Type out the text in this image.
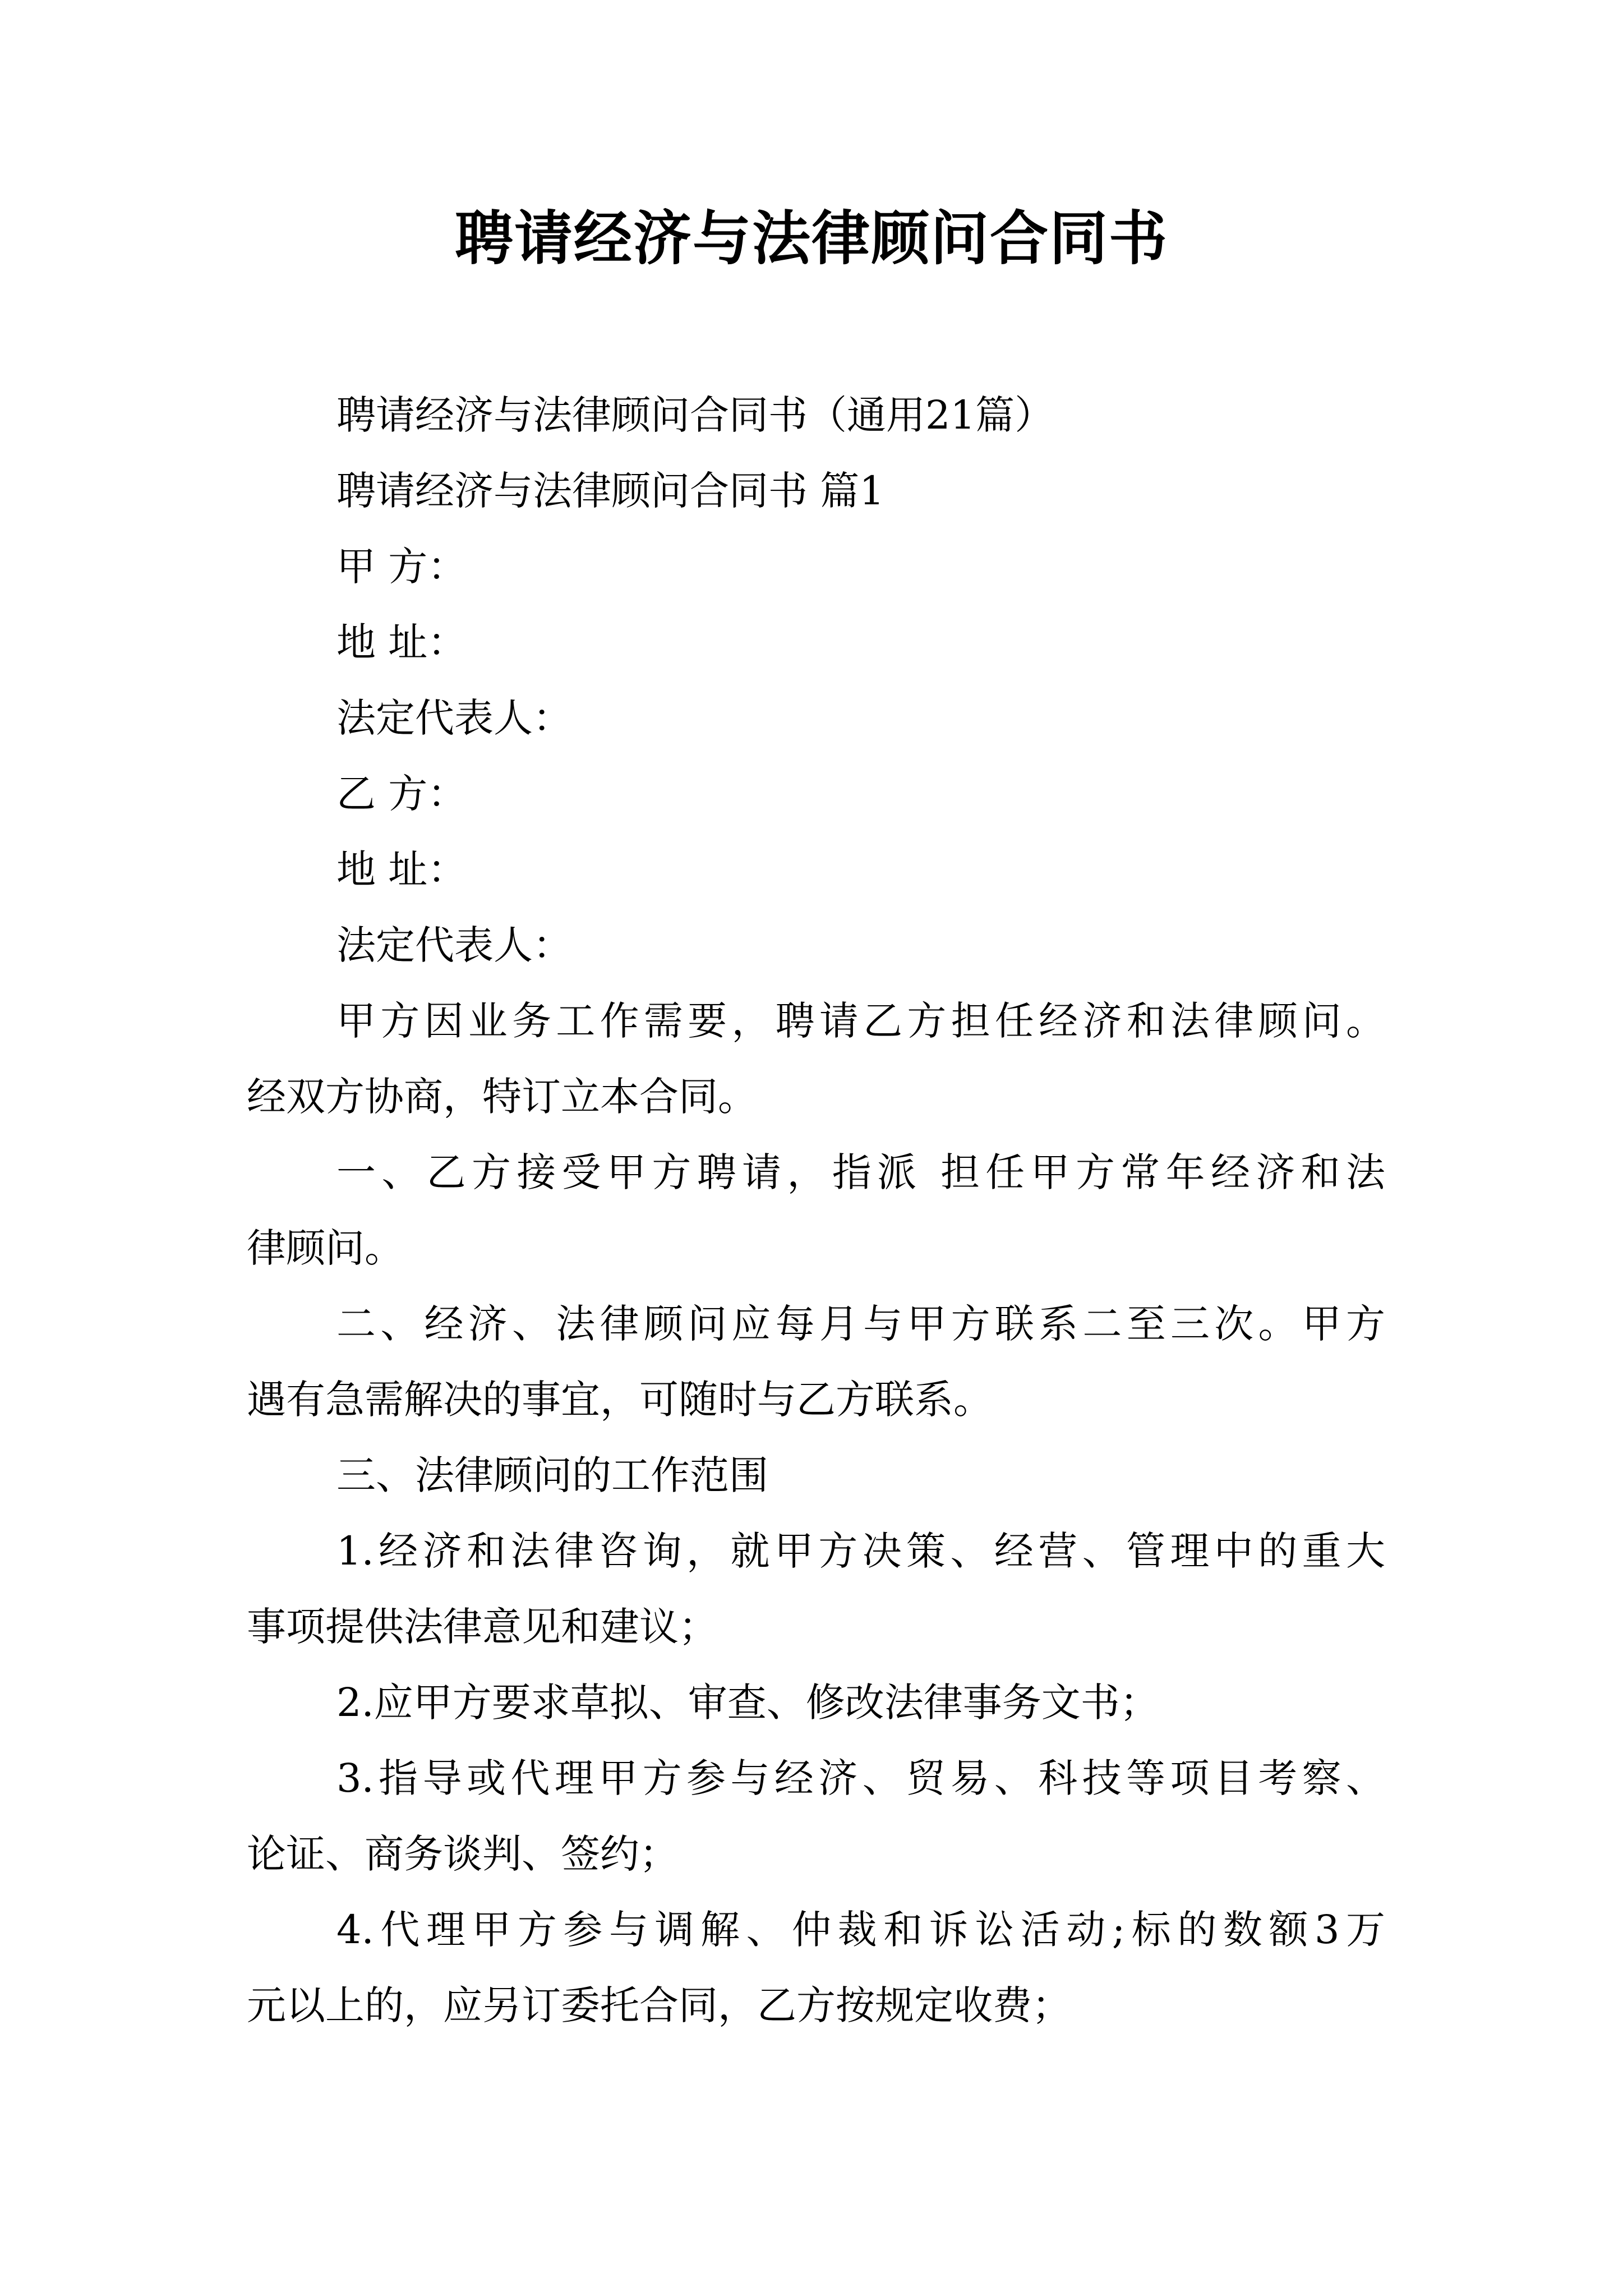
聘请经济与法律顾问合同书
聘请经济与法律顾问合同书（通用21篇）
聘请经济与法律顾问合同书 篇1
甲 方：
地 址：
法定代表人：
乙 方：
地 址：
法定代表人：
甲方因业务工作需要，聘请乙方担任经济和法律顾问。
经双方协商，特订立本合同。
一、乙方接受甲方聘请，指派 担任甲方常年经济和法
律顾问。
二、经济、法律顾问应每月与甲方联系二至三次。甲方
遇有急需解决的事宜，可随时与乙方联系。
三、法律顾问的工作范围
1.经济和法律咨询，就甲方决策、经营、管理中的重大
事项提供法律意见和建议；
2.应甲方要求草拟、审查、修改法律事务文书；
3.指导或代理甲方参与经济、贸易、科技等项目考察、
论证、商务谈判、签约；
4.代理甲方参与调解、仲裁和诉讼活动;标的数额3万
元以上的，应另订委托合同，乙方按规定收费；
